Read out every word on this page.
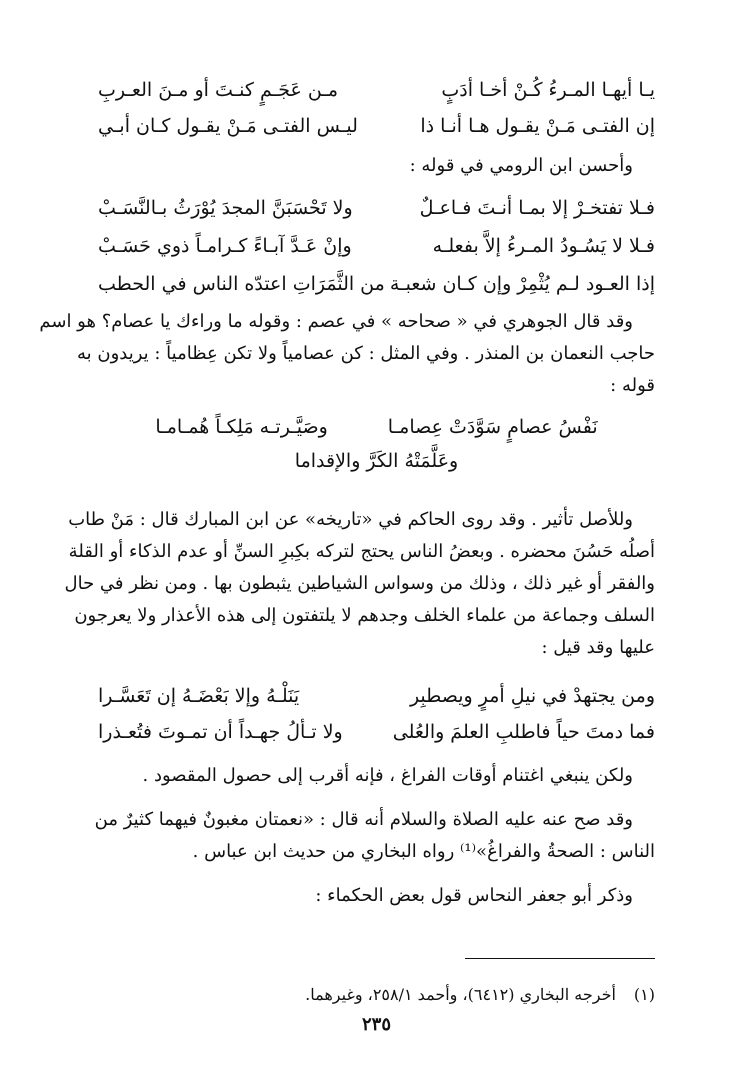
يـا أيهـا المـرءُ كُـنْ أخـا أدَبٍ
مـن عَجَـمٍ كنـتَ أو مـنَ العـربِ
إن الفتـى مَـنْ يقـول هـا أنـا ذا
ليـس الفتـى مَـنْ يقـول كـان أبـي
وأحسن ابن الرومي في قوله :
فـلا تفتخـرْ إلا بمـا أنـتَ فـاعـلٌ
ولا تَحْسَبَنَّ المجدَ يُوْرَثُ بـالنَّسَـبْ
فـلا لا يَسُـودُ المـرءُ إلاَّ بفعلـه
وإنْ عَـدَّ آبـاءً كـرامـاً ذوي حَسَـبْ
إذا العـود لـم يُثْمِرْ وإن كـان شعبـة
من الثَّمَرَاتِ اعتدّه الناس في الحطب
وقد قال الجوهري في « صحاحه » في عصم : وقوله ما وراءك يا عصام؟ هو اسم
حاجب النعمان بن المنذر . وفي المثل : كن عصامياً ولا تكن عِظامياً : يريدون به
قوله :
نَفْسُ عصامٍ سَوَّدَتْ عِصامـا
وصَيَّـرتـه مَلِكـاً هُمـامـا
وعَلَّمَتْهُ الكَرَّ والإقداما
وللأصل تأثير . وقد روى الحاكم في «تاريخه» عن ابن المبارك قال : مَنْ طاب
أصلُه حَسُنَ محضره . وبعضُ الناس يحتج لتركه بكِبرِ السنِّ أو عدم الذكاء أو القلة
والفقر أو غير ذلك ، وذلك من وسواس الشياطين يثبطون بها . ومن نظر في حال
السلف وجماعة من علماء الخلف وجدهم لا يلتفتون إلى هذه الأعذار ولا يعرجون
عليها وقد قيل :
ومن يجتهدْ في نيلِ أمرٍ ويصطبِر
يَنَلْـهُ وإلا بَعْضَـهُ إن تَعَسَّـرا
فما دمتَ حياً فاطلبِ العلمَ والعُلى
ولا تـألُ جهـداً أن تمـوتَ فتُعـذرا
ولكن ينبغي اغتنام أوقات الفراغ ، فإنه أقرب إلى حصول المقصود .
وقد صح عنه عليه الصلاة والسلام أنه قال : «نعمتان مغبونٌ فيهما كثيرٌ من
الناس : الصحةُ والفراغُ»⁽¹⁾ رواه البخاري من حديث ابن عباس .
وذكر أبو جعفر النحاس قول بعض الحكماء :
(١)أخرجه البخاري (٦٤١٢)، وأحمد ٢٥٨/١، وغيرهما.
٢٣٥
